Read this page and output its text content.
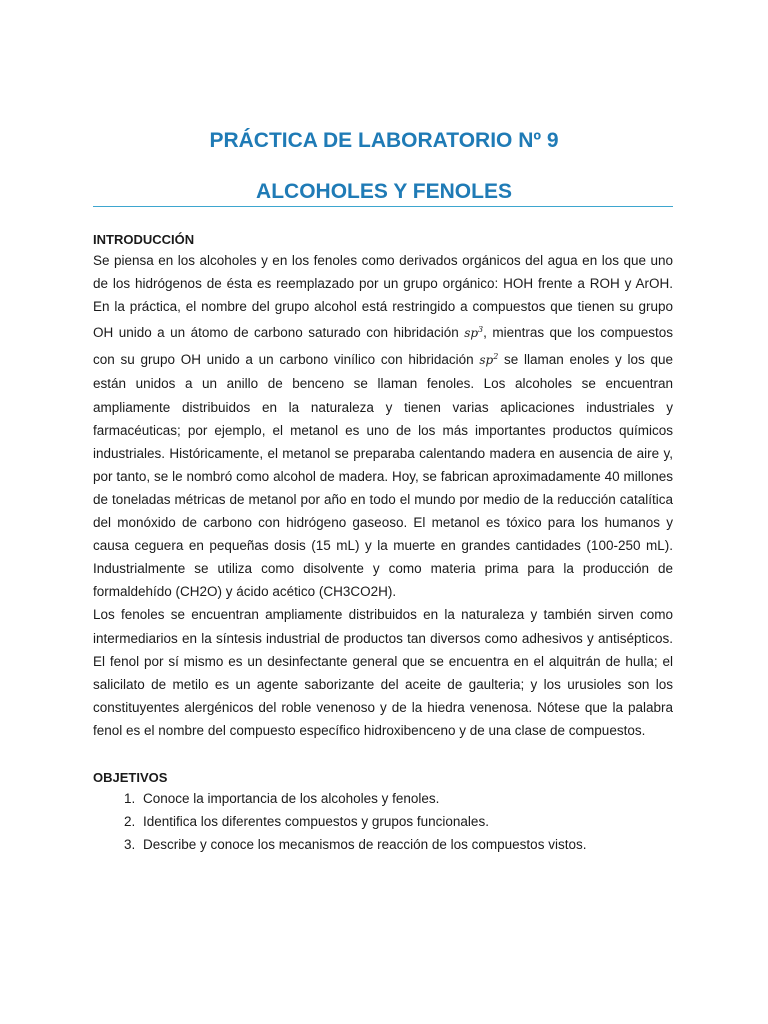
PRÁCTICA DE LABORATORIO Nº 9
ALCOHOLES Y FENOLES

INTRODUCCIÓN

Se piensa en los alcoholes y en los fenoles como derivados orgánicos del agua en los que uno de los hidrógenos de ésta es reemplazado por un grupo orgánico: HOH frente a ROH y ArOH. En la práctica, el nombre del grupo alcohol está restringido a compuestos que tienen su grupo OH unido a un átomo de carbono saturado con hibridación $sp^3$, mientras que los compuestos con su grupo OH unido a un carbono vinílico con hibridación $sp^2$ se llaman enoles y los que están unidos a un anillo de benceno se llaman fenoles. Los alcoholes se encuentran ampliamente distribuidos en la naturaleza y tienen varias aplicaciones industriales y farmacéuticas; por ejemplo, el metanol es uno de los más importantes productos químicos industriales. Históricamente, el metanol se preparaba calentando madera en ausencia de aire y, por tanto, se le nombró como alcohol de madera. Hoy, se fabrican aproximadamente 40 millones de toneladas métricas de metanol por año en todo el mundo por medio de la reducción catalítica del monóxido de carbono con hidrógeno gaseoso. El metanol es tóxico para los humanos y causa ceguera en pequeñas dosis (15 mL) y la muerte en grandes cantidades (100-250 mL). Industrialmente se utiliza como disolvente y como materia prima para la producción de formaldehído (CH2O) y ácido acético (CH3CO2H).

Los fenoles se encuentran ampliamente distribuidos en la naturaleza y también sirven como intermediarios en la síntesis industrial de productos tan diversos como adhesivos y antisépticos. El fenol por sí mismo es un desinfectante general que se encuentra en el alquitrán de hulla; el salicilato de metilo es un agente saborizante del aceite de gaulteria; y los urusioles son los constituyentes alergénicos del roble venenoso y de la hiedra venenosa. Nótese que la palabra fenol es el nombre del compuesto específico hidroxibenceno y de una clase de compuestos.

OBJETIVOS

1. Conoce la importancia de los alcoholes y fenoles.
2. Identifica los diferentes compuestos y grupos funcionales.
3. Describe y conoce los mecanismos de reacción de los compuestos vistos.
